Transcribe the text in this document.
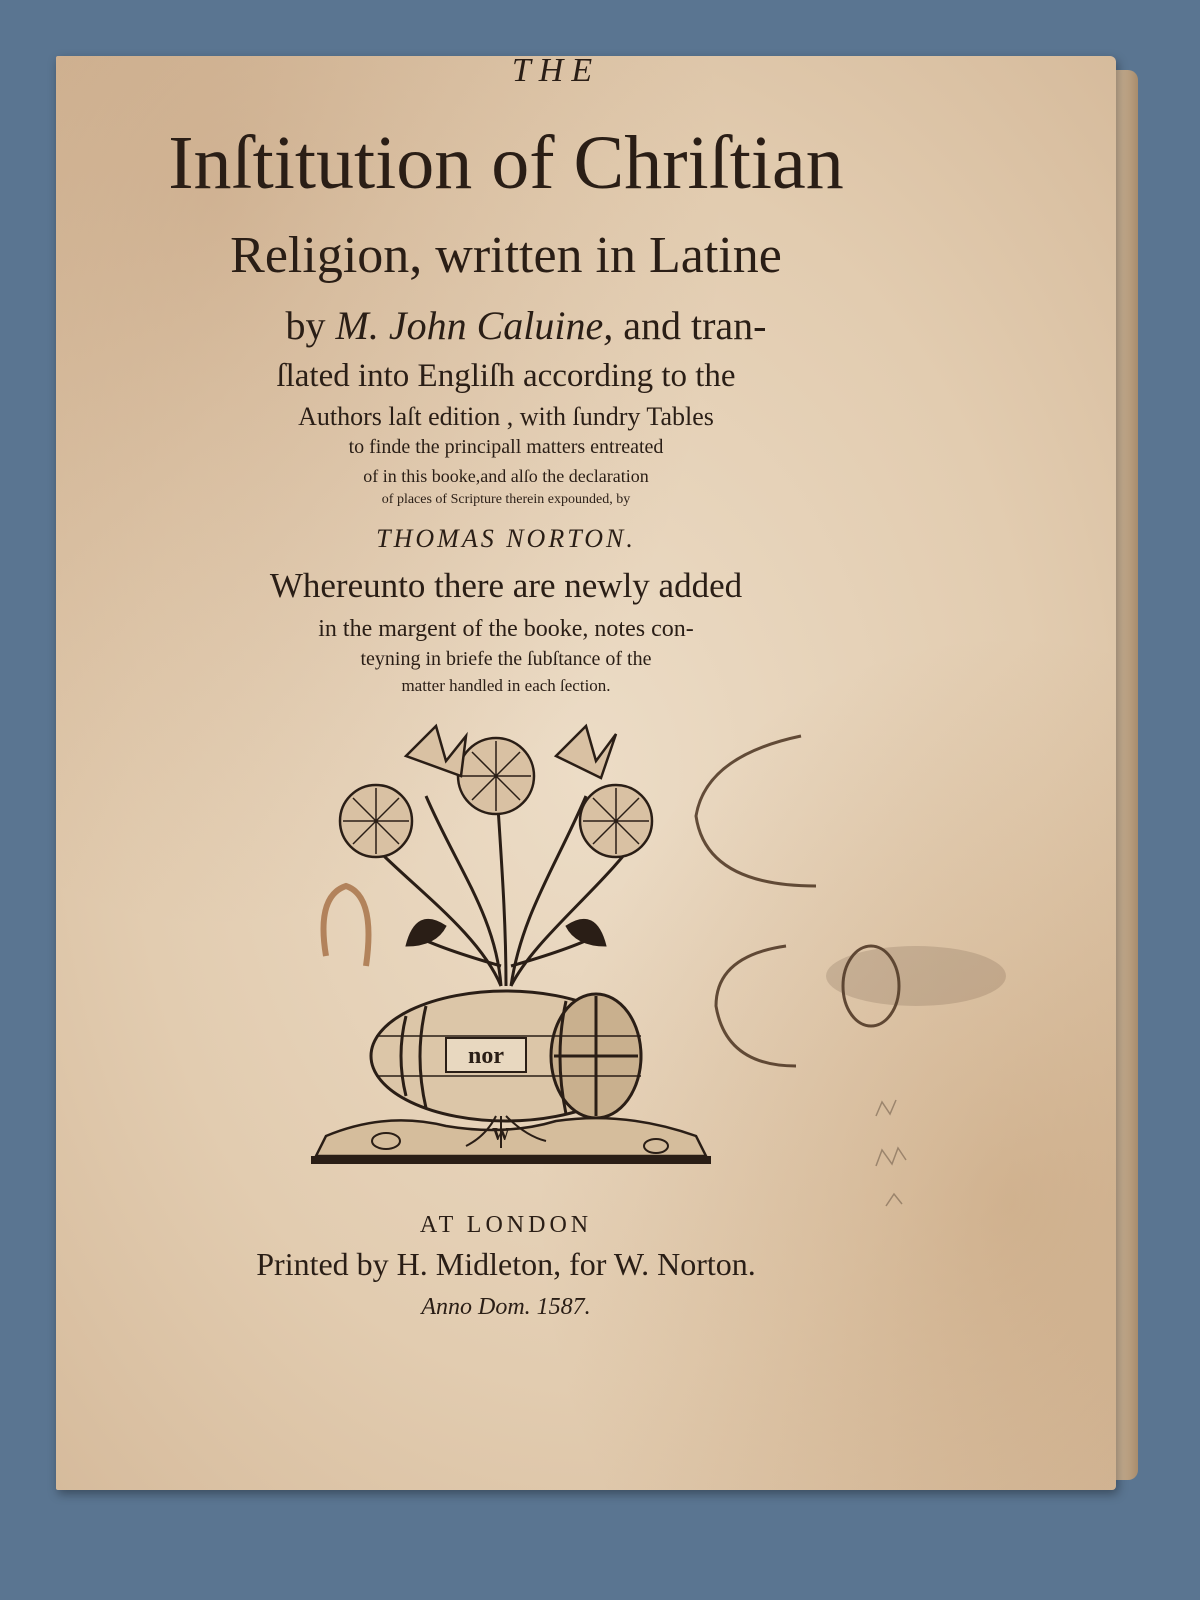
THE
Inſtitution of Chriſtian
Religion, written in Latine
by M. John Caluine, and tran-
ſlated into Engliſh according to the
Authors laſt edition , with ſundry Tables
to finde the principall matters entreated
of in this booke,and alſo the declaration
of places of Scripture therein expounded, by
THOMAS NORTON.
Whereunto there are newly added
in the margent of the booke, notes con-
teyning in briefe the ſubſtance of the
matter handled in each ſection.
nor
W
AT LONDON
Printed by H. Midleton, for W. Norton.
Anno Dom. 1587.
